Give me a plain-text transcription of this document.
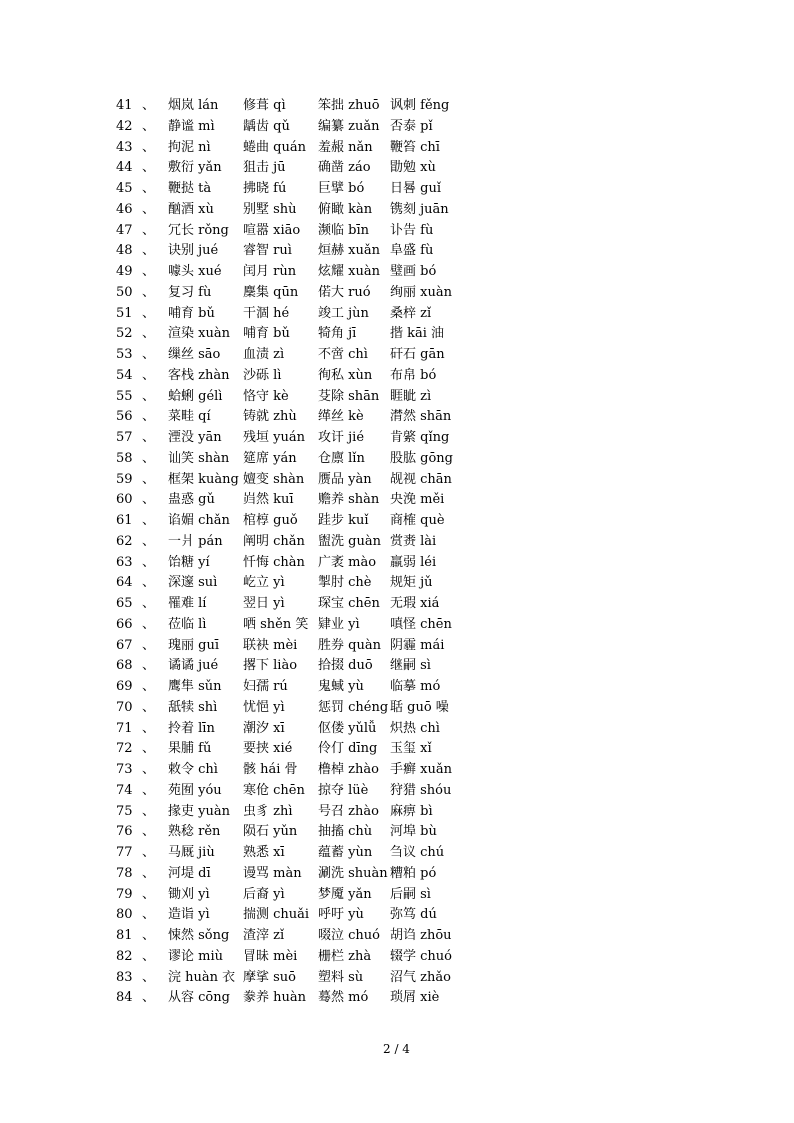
41 、 烟岚 lán 修葺 qì 笨拙 zhuō 讽刺 fěng
42 、 静谧 mì 龋齿 qǔ 编纂 zuǎn 否泰 pǐ
43 、 拘泥 nì 蜷曲 quán 羞赧 nǎn 鞭笞 chī
44 、 敷衍 yǎn 狙击 jū 确凿 záo 勖勉 xù
45 、 鞭挞 tà 拂晓 fú 巨擘 bó 日晷 guǐ
46 、 酗酒 xù 别墅 shù 俯瞰 kàn 镌刻 juān
47 、 冗长 rǒng 喧嚣 xiāo 濒临 bīn 讣告 fù
48 、 诀别 jué 睿智 ruì 烜赫 xuǎn 阜盛 fù
49 、 噱头 xué 闰月 rùn 炫耀 xuàn 璧画 bó
50 、 复习 fù 麇集 qūn 偌大 ruó 绚丽 xuàn
51 、 哺育 bǔ 干涸 hé 竣工 jùn 桑梓 zǐ
52 、 渲染 xuàn 哺育 bǔ 犄角 jī	揩 kāi 油
53 、 缫丝 sāo 血渍 zì	不啻 chì 矸石 gān
54 、 客栈 zhàn 沙砾 lì	徇私 xùn 布帛 bó
55 、 蛤蜊 gélì 恪守 kè 芟除 shān 睚眦 zì
56 、 菜畦 qí 铸就 zhù 缂丝 kè 潸然 shān
57 、 湮没 yān 残垣 yuán 攻讦 jié 肯綮 qǐng
58 、 讪笑 shàn 筵席 yán 仓廪 lǐn 股肱 gōng
59 、 框架 kuàng 嬗变 shàn 赝品 yàn 觇视 chān
60 、 蛊惑 gǔ 岿然 kuī 赡养 shàn 央浼 měi
61 、 谄媚 chǎn 棺椁 guǒ 跬步 kuǐ 商榷 què
62 、 一爿 pán 阐明 chǎn 盥洗 guàn 赏赉 lài
63 、 饴糖 yí	忏悔 chàn 广袤 mào 羸弱 léi
64 、 深邃 suì 屹立 yì	掣肘 chè 规矩 jǔ
65 、 罹难 lí	翌日 yì	琛宝 chēn 无瑕 xiá
66 、 莅临 lì	哂 shěn 笑 肄业 yì 嗔怪 chēn
67 、 瑰丽 guī 联袂 mèi 胜券 quàn 阴霾 mái
68 、 谲谲 jué 撂下 liào 拾掇 duō 继嗣 sì
69 、 鹰隼 sǔn 妇孺 rú 鬼蜮 yù 临摹 mó
70 、 舐犊 shì 忧悒 yì	惩罚 chéng 聒 guō 噪
71 、 拎着 līn 潮汐 xī	伛偻 yǔlǚ 炽热 chì
72 、 果脯 fǔ 要挟 xié 伶仃 dīng 玉玺 xǐ
73 、 敕令 chì 骸 hái 骨 橹棹 zhào 手癣 xuǎn
74 、 苑囿 yóu 寒伧 chēn 掠夺 lüè 狩猎 shóu
75 、 掾吏 yuàn 虫豸 zhì 号召 zhào 麻痹 bì
76 、 熟稔 rěn 陨石 yǔn 抽搐 chù 河埠 bù
77 、 马厩 jiù 熟悉 xī	蕴蓄 yùn 刍议 chú
78 、 河堤 dī 谩骂 màn 涮洗 shuàn 糟粕 pó
79 、 锄刈 yì	后裔 yì	梦魇 yǎn 后嗣 sì
80 、 造诣 yì	揣测 chuǎi 呼吁 yù 弥笃 dú
81 、 悚然 sǒng 渣滓 zǐ	啜泣 chuó 胡诌 zhōu
82 、 谬论 miù 冒昧 mèi 栅栏 zhà 辍学 chuó
83 、 浣 huàn 衣 摩挲 suō 塑料 sù 沼气 zhǎo
84 、 从容 cōng 豢养 huàn 蓦然 mó 琐屑 xiè
2 / 4
